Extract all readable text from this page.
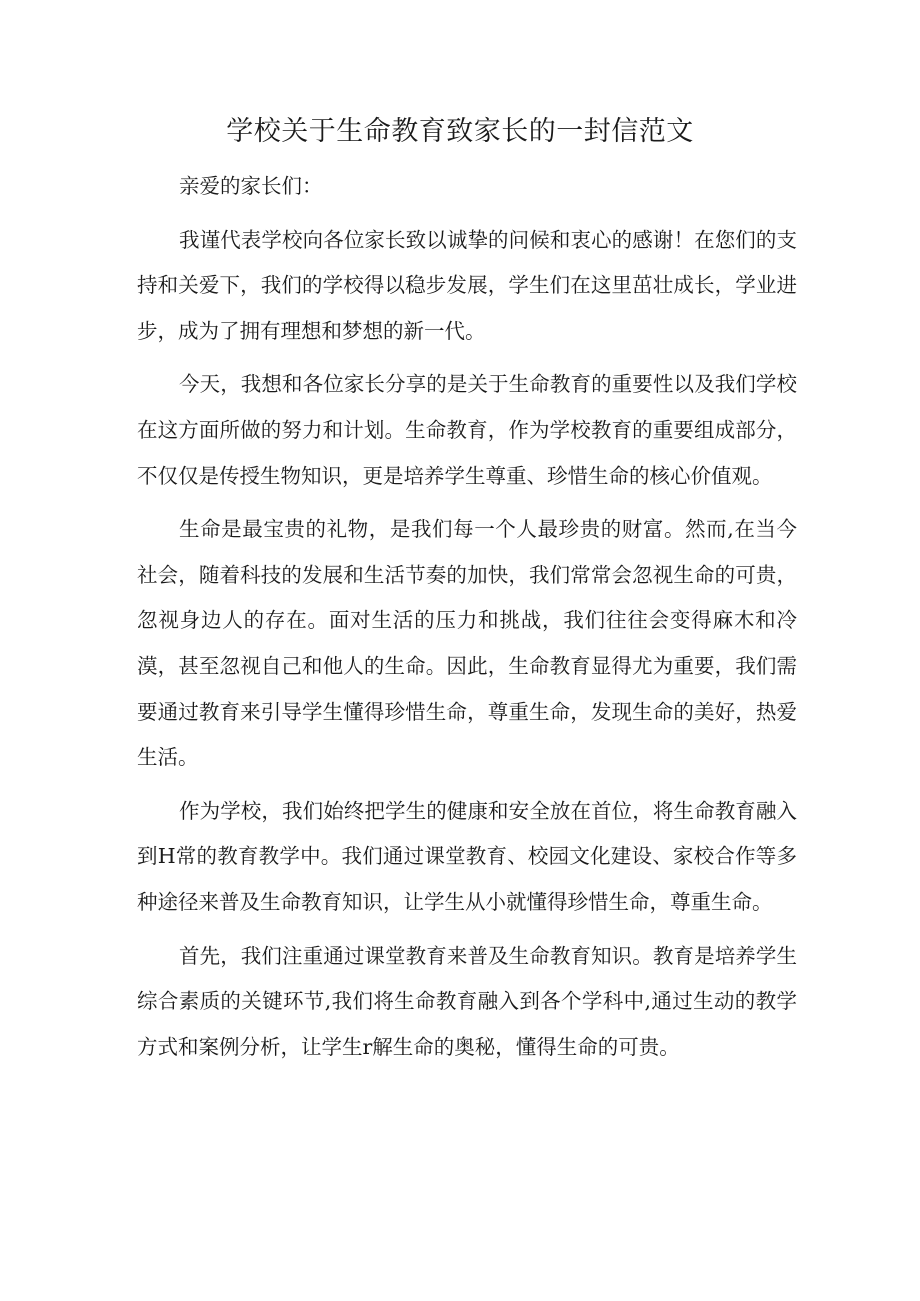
学校关于生命教育致家长的一封信范文

亲爱的家长们：

我谨代表学校向各位家长致以诚挚的问候和衷心的感谢！在您们的支持和关爱下，我们的学校得以稳步发展，学生们在这里茁壮成长，学业进步，成为了拥有理想和梦想的新一代。

今天，我想和各位家长分享的是关于生命教育的重要性以及我们学校在这方面所做的努力和计划。生命教育，作为学校教育的重要组成部分，不仅仅是传授生物知识，更是培养学生尊重、珍惜生命的核心价值观。

生命是最宝贵的礼物，是我们每一个人最珍贵的财富。然而,在当今社会，随着科技的发展和生活节奏的加快，我们常常会忽视生命的可贵，忽视身边人的存在。面对生活的压力和挑战，我们往往会变得麻木和冷漠，甚至忽视自己和他人的生命。因此，生命教育显得尤为重要，我们需要通过教育来引导学生懂得珍惜生命，尊重生命，发现生命的美好，热爱生活。

作为学校，我们始终把学生的健康和安全放在首位，将生命教育融入到H常的教育教学中。我们通过课堂教育、校园文化建设、家校合作等多种途径来普及生命教育知识，让学生从小就懂得珍惜生命，尊重生命。

首先，我们注重通过课堂教育来普及生命教育知识。教育是培养学生综合素质的关键环节,我们将生命教育融入到各个学科中,通过生动的教学方式和案例分析，让学生r解生命的奥秘，懂得生命的可贵。
